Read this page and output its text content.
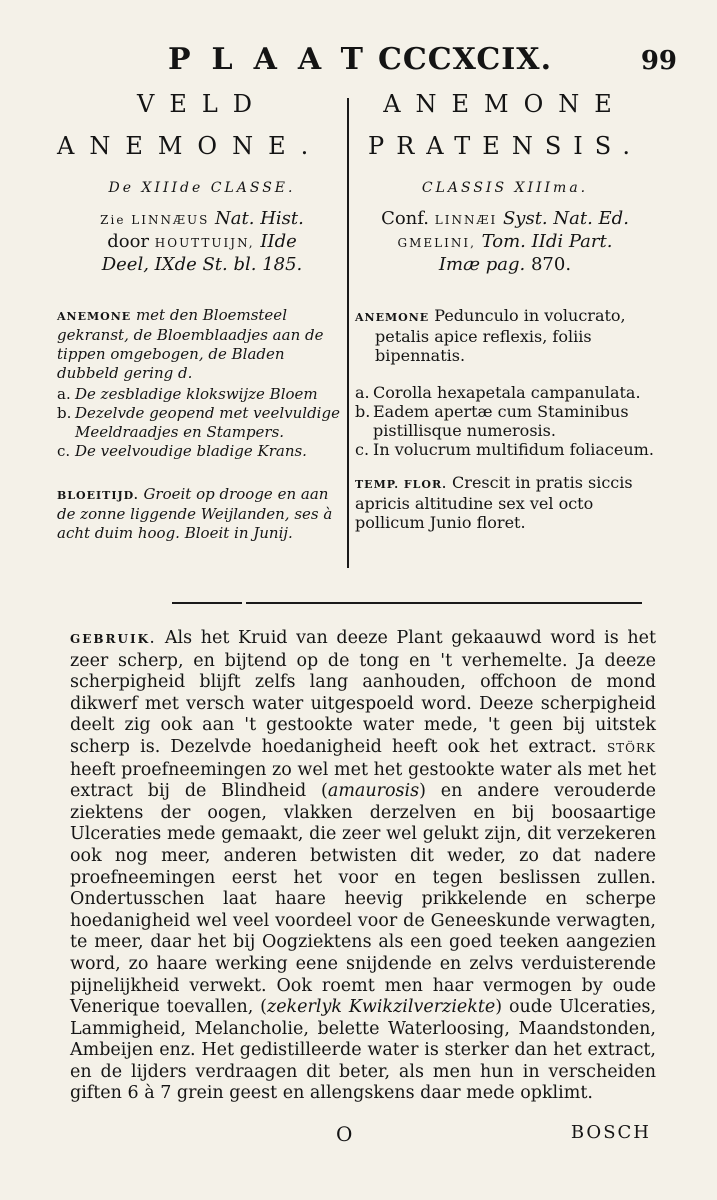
PLAAT
CCCXCIX.	99
VELD
ANEMONE.
De XIIIde CLASSE.
Zie LINNÆUS Nat. Hist.
door HOUTTUIJN, IIde
Deel, IXde St. bl. 185.
ANEMONE met den Bloemsteel gekranst, de Bloemblaadjes aan de tippen omgebogen, de Bladen dubbeld gering d.
a. De zesbladige klokswijze Bloem
b. Dezelvde geopend met veelvuldige Meeldraadjes en Stampers.
c. De veelvoudige bladige Krans.
BLOEITIJD. Groeit op drooge en aan de zonne liggende Weijlanden, ses à acht duim hoog. Bloeit in Junij.
ANEMONE
PRATENSIS.
CLASSIS XIIIma.
Conf. LINNÆI Syst. Nat. Ed.
GMELINI, Tom. IIdi Part.
Imæ pag. 870.
ANEMONE Pedunculo in volucrato, petalis apice reflexis, foliis bipennatis.
a. Corolla hexapetala campanulata.
b. Eadem apertæ cum Staminibus pistillisque numerosis.
c. In volucrum multifidum foliaceum.
TEMP. FLOR. Crescit in pratis siccis apricis altitudine sex vel octo pollicum Junio floret.
GEBRUIK. Als het Kruid van deeze Plant gekaauwd word is het zeer scherp, en bijtend op de tong en 't verhemelte. Ja deeze scherpigheid blijft zelfs lang aanhouden, offchoon de mond dikwerf met versch water uitgespoeld word. Deeze scherpigheid deelt zig ook aan 't gestookte water mede, 't geen bij uitstek scherp is. Dezelvde hoedanigheid heeft ook het extract. STÖRK heeft proefneemingen zo wel met het gestookte water als met het extract bij de Blindheid (amaurosis) en andere verouderde ziektens der oogen, vlakken derzelven en bij boosaartige Ulceraties mede gemaakt, die zeer wel gelukt zijn, dit verzekeren ook nog meer, anderen betwisten dit weder, zo dat nadere proefneemingen eerst het voor en tegen beslissen zullen. Ondertusschen laat haare heevig prikkelende en scherpe hoedanigheid wel veel voordeel voor de Geneeskunde verwagten, te meer, daar het bij Oogziektens als een goed teeken aangezien word, zo haare werking eene snijdende en zelvs verduisterende pijnelijkheid verwekt. Ook roemt men haar vermogen by oude Venerique toevallen, (zekerlyk Kwikzilverziekte) oude Ulceraties, Lammigheid, Melancholie, belette Waterloosing, Maandstonden, Ambeijen enz. Het gedistilleerde water is sterker dan het extract, en de lijders verdraagen dit beter, als men hun in verscheiden giften 6 à 7 grein geest en allengskens daar mede opklimt.
O	BOSCH
